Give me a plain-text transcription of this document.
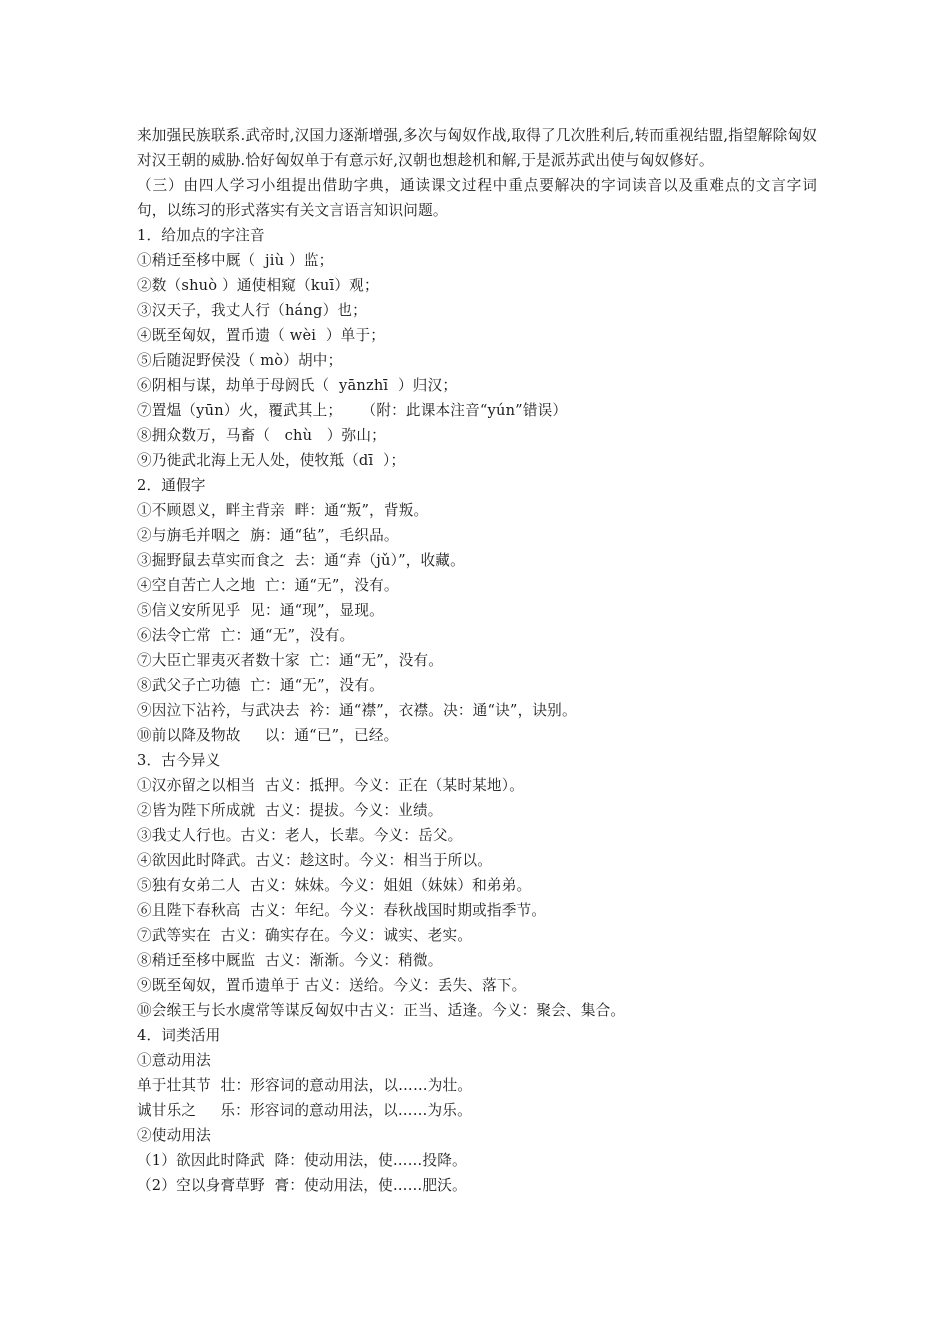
来加强民族联系.武帝时,汉国力逐渐增强,多次与匈奴作战,取得了几次胜利后,转而重视结盟,指望解除匈奴对汉王朝的威胁.恰好匈奴单于有意示好,汉朝也想趁机和解,于是派苏武出使与匈奴修好。

（三）由四人学习小组提出借助字典，通读课文过程中重点要解决的字词读音以及重难点的文言字词句，以练习的形式落实有关文言语言知识问题。

1．给加点的字注音

①稍迁至栘中厩（  jiù ）监；

②数（shuò ）通使相窥（kuī）观；

③汉天子，我丈人行（háng）也；

④既至匈奴，置币遗（ wèi  ）单于；

⑤后随浞野侯没（ mò）胡中；

⑥阴相与谋，劫单于母阏氏（  yānzhī  ）归汉；

⑦置煴（yūn）火，覆武其上；    （附：此课本注音“yún”错误）

⑧拥众数万，马畜（   chù   ）弥山；

⑨乃徙武北海上无人处，使牧羝（dī  ）；

2．通假字

①不顾恩义，畔主背亲  畔：通“叛”，背叛。

②与旃毛并咽之  旃：通“毡”，毛织品。

③掘野鼠去草实而食之  去：通“弆（jǔ）”，收藏。

④空自苦亡人之地  亡：通“无”，没有。

⑤信义安所见乎  见：通“现”，显现。

⑥法令亡常  亡：通“无”，没有。

⑦大臣亡罪夷灭者数十家  亡：通“无”，没有。

⑧武父子亡功德  亡：通“无”，没有。

⑨因泣下沾衿，与武决去  衿：通“襟”，衣襟。决：通“诀”，诀别。

⑩前以降及物故     以：通“已”，已经。

3．古今异义

①汉亦留之以相当  古义：抵押。今义：正在（某时某地）。

②皆为陛下所成就  古义：提拔。今义：业绩。

③我丈人行也。古义：老人，长辈。今义：岳父。

④欲因此时降武。古义：趁这时。今义：相当于所以。

⑤独有女弟二人  古义：妹妹。今义：姐姐（妹妹）和弟弟。

⑥且陛下春秋高  古义：年纪。今义：春秋战国时期或指季节。

⑦武等实在  古义：确实存在。今义：诚实、老实。

⑧稍迁至栘中厩监  古义：渐渐。今义：稍微。

⑨既至匈奴，置币遗单于 古义：送给。今义：丢失、落下。

⑩会缑王与长水虞常等谋反匈奴中古义：正当、适逢。今义：聚会、集合。

4．词类活用

①意动用法

单于壮其节  壮：形容词的意动用法，以……为壮。

诚甘乐之     乐：形容词的意动用法，以……为乐。

②使动用法

（1）欲因此时降武  降：使动用法，使……投降。

（2）空以身膏草野  膏：使动用法，使……肥沃。
